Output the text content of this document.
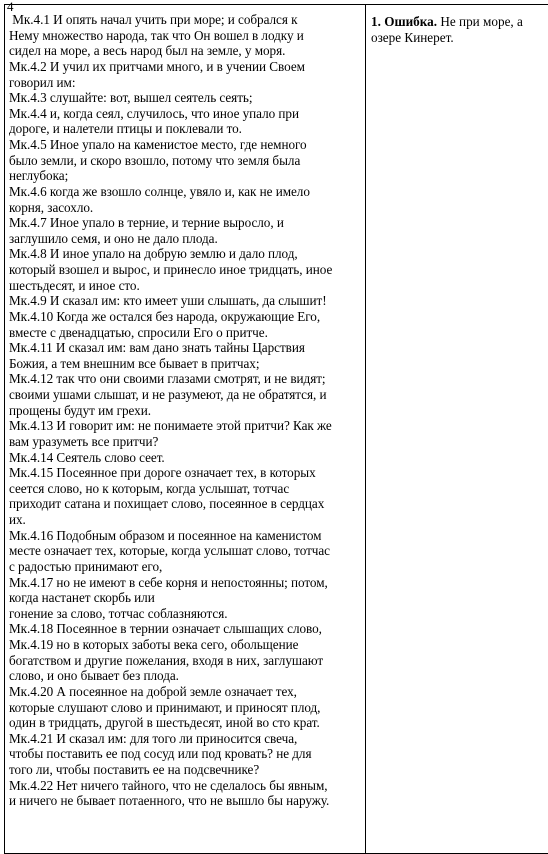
4
Мк.4.1 И опять начал учить при море; и собрался к
Нему множество народа, так что Он вошел в лодку и
сидел на море, а весь народ был на земле, у моря.
Мк.4.2 И учил их притчами много, и в учении Своем
говорил им:
Мк.4.3 слушайте: вот, вышел сеятель сеять;
Мк.4.4 и, когда сеял, случилось, что иное упало при
дороге, и налетели птицы и поклевали то.
Мк.4.5 Иное упало на каменистое место, где немного
было земли, и скоро взошло, потому что земля была
неглубока;
Мк.4.6 когда же взошло солнце, увяло и, как не имело
корня, засохло.
Мк.4.7 Иное упало в терние, и терние выросло, и
заглушило семя, и оно не дало плода.
Мк.4.8 И иное упало на добрую землю и дало плод,
который взошел и вырос, и принесло иное тридцать, иное
шестьдесят, и иное сто.
Мк.4.9 И сказал им: кто имеет уши слышать, да слышит!
Мк.4.10 Когда же остался без народа, окружающие Его,
вместе с двенадцатью, спросили Его о притче.
Мк.4.11 И сказал им: вам дано знать тайны Царствия
Божия, а тем внешним все бывает в притчах;
Мк.4.12 так что они своими глазами смотрят, и не видят;
своими ушами слышат, и не разумеют, да не обратятся, и
прощены будут им грехи.
Мк.4.13 И говорит им: не понимаете этой притчи? Как же
вам уразуметь все притчи?
Мк.4.14 Сеятель слово сеет.
Мк.4.15 Посеянное при дороге означает тех, в которых
сеется слово, но к которым, когда услышат, тотчас
приходит сатана и похищает слово, посеянное в сердцах
их.
Мк.4.16 Подобным образом и посеянное на каменистом
месте означает тех, которые, когда услышат слово, тотчас
с радостью принимают его,
Мк.4.17 но не имеют в себе корня и непостоянны; потом,
когда настанет скорбь или
гонение за слово, тотчас соблазняются.
Мк.4.18 Посеянное в тернии означает слышащих слово,
Мк.4.19 но в которых заботы века сего, обольщение
богатством и другие пожелания, входя в них, заглушают
слово, и оно бывает без плода.
Мк.4.20 А посеянное на доброй земле означает тех,
которые слушают слово и принимают, и приносят плод,
один в тридцать, другой в шестьдесят, иной во сто крат.
Мк.4.21 И сказал им: для того ли приносится свеча,
чтобы поставить ее под сосуд или под кровать? не для
того ли, чтобы поставить ее на подсвечнике?
Мк.4.22 Нет ничего тайного, что не сделалось бы явным,
и ничего не бывает потаенного, что не вышло бы наружу.

1. Ошибка. Не при море, а озере Кинерет.
